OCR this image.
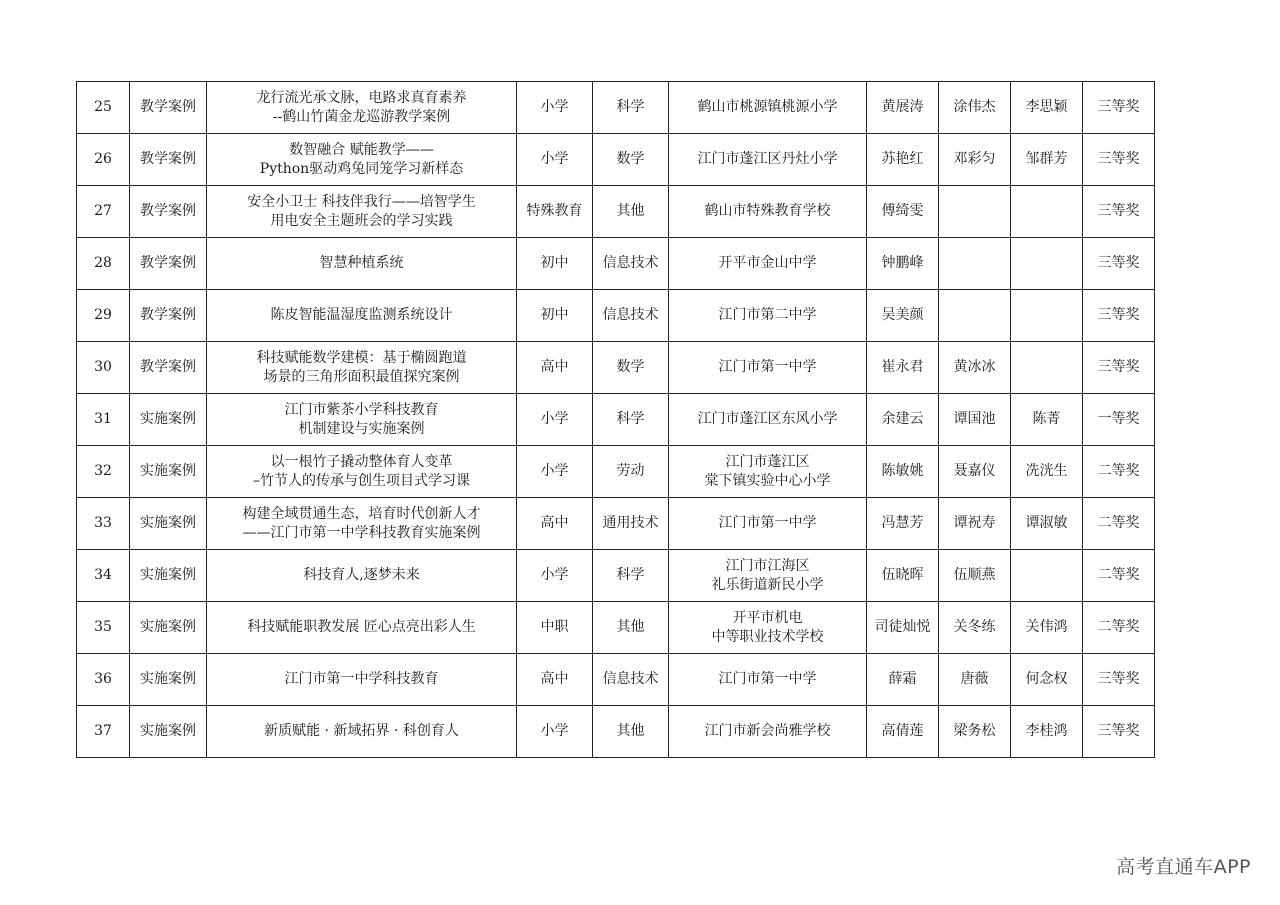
25	教学案例	龙行流光承文脉，电路求真育素养
--鹤山竹菌金龙巡游教学案例	小学	科学	鹤山市桃源镇桃源小学	黄展涛	涂伟杰	李思颖	三等奖
26	教学案例	数智融合 赋能教学——
Python驱动鸡兔同笼学习新样态	小学	数学	江门市蓬江区丹灶小学	苏艳红	邓彩匀	邹群芳	三等奖
27	教学案例	安全小卫士 科技伴我行——培智学生
用电安全主题班会的学习实践	特殊教育	其他	鹤山市特殊教育学校	傅绮雯			三等奖
28	教学案例	智慧种植系统	初中	信息技术	开平市金山中学	钟鹏峰			三等奖
29	教学案例	陈皮智能温湿度监测系统设计	初中	信息技术	江门市第二中学	吴美颜			三等奖
30	教学案例	科技赋能数学建模：基于椭圆跑道
场景的三角形面积最值探究案例	高中	数学	江门市第一中学	崔永君	黄冰冰		三等奖
31	实施案例	江门市紫茶小学科技教育
机制建设与实施案例	小学	科学	江门市蓬江区东风小学	余建云	谭国池	陈菁	一等奖
32	实施案例	以一根竹子撬动整体育人变革
–竹节人的传承与创生项目式学习课	小学	劳动	江门市蓬江区
棠下镇实验中心小学	陈敏姚	聂嘉仪	冼洸生	二等奖
33	实施案例	构建全域贯通生态，培育时代创新人才
——江门市第一中学科技教育实施案例	高中	通用技术	江门市第一中学	冯慧芳	谭祝寿	谭淑敏	二等奖
34	实施案例	科技育人,逐梦未来	小学	科学	江门市江海区
礼乐街道新民小学	伍晓晖	伍顺燕		二等奖
35	实施案例	科技赋能职教发展 匠心点亮出彩人生	中职	其他	开平市机电
中等职业技术学校	司徒灿悦	关冬练	关伟鸿	二等奖
36	实施案例	江门市第一中学科技教育	高中	信息技术	江门市第一中学	薛霜	唐薇	何念权	三等奖
37	实施案例	新质赋能 · 新域拓界 · 科创育人	小学	其他	江门市新会尚雅学校	高倩莲	梁务松	李桂鸿	三等奖
高考直通车APP
